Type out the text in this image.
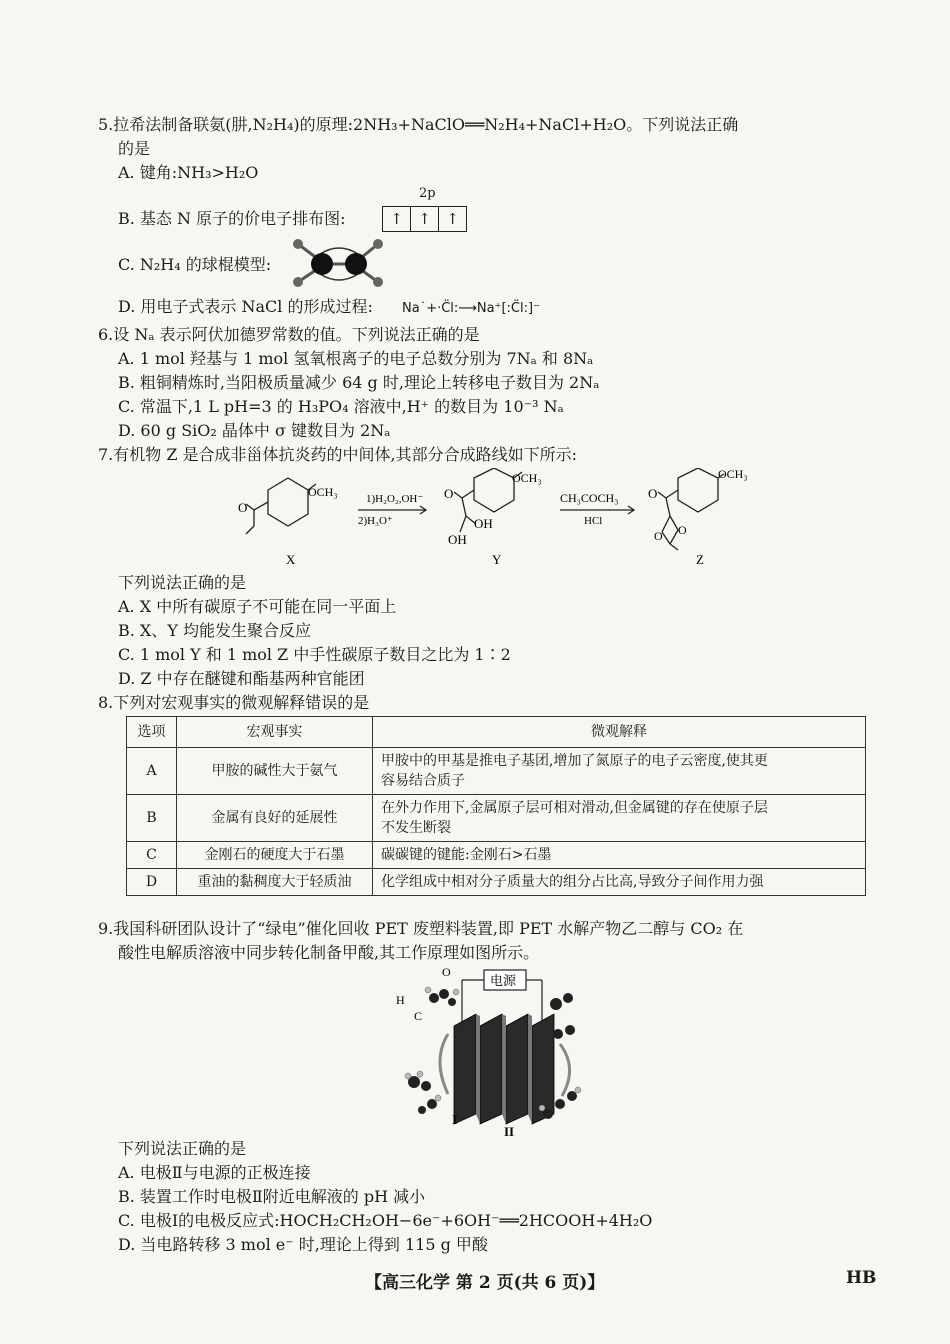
5.拉希法制备联氨(肼,N₂H₄)的原理:2NH₃+NaClO══N₂H₄+NaCl+H₂O。下列说法正确
的是
A. 键角:NH₃>H₂O
2p
B. 基态 N 原子的价电子排布图:	↑	↑	↑
C. N₂H₄ 的球棍模型:
D. 用电子式表示 NaCl 的形成过程: Na˙+·C̈l:⟶Na⁺[:C̈l:]⁻
6.设 Nₐ 表示阿伏加德罗常数的值。下列说法正确的是
A. 1 mol 羟基与 1 mol 氢氧根离子的电子总数分别为 7Nₐ 和 8Nₐ
B. 粗铜精炼时,当阳极质量减少 64 g 时,理论上转移电子数目为 2Nₐ
C. 常温下,1 L pH=3 的 H₃PO₄ 溶液中,H⁺ 的数目为 10⁻³ Nₐ
D. 60 g SiO₂ 晶体中 σ 键数目为 2Nₐ
7.有机物 Z 是合成非甾体抗炎药的中间体,其部分合成路线如下所示:
OCH₃
O
1)H₂O₂,OH⁻
2)H₃O⁺
OCH₃
O
OH
OH
CH₃COCH₃
HCl
OCH₃
O
O
O
X	Y	Z
下列说法正确的是
A. X 中所有碳原子不可能在同一平面上
B. X、Y 均能发生聚合反应
C. 1 mol Y 和 1 mol Z 中手性碳原子数目之比为 1∶2
D. Z 中存在醚键和酯基两种官能团
8.下列对宏观事实的微观解释错误的是
选项	宏观事实	微观解释
A	甲胺的碱性大于氨气	甲胺中的甲基是推电子基团,增加了氮原子的电子云密度,使其更
容易结合质子

B	金属有良好的延展性	在外力作用下,金属原子层可相对滑动,但金属键的存在使原子层
不发生断裂

C	金刚石的硬度大于石墨	碳碳键的键能:金刚石>石墨
D	重油的黏稠度大于轻质油	化学组成中相对分子质量大的组分占比高,导致分子间作用力强
9.我国科研团队设计了“绿电”催化回收 PET 废塑料装置,即 PET 水解产物乙二醇与 CO₂ 在
酸性电解质溶液中同步转化制备甲酸,其工作原理如图所示。
电源
H
C
O
I
II
下列说法正确的是
A. 电极Ⅱ与电源的正极连接
B. 装置工作时电极Ⅱ附近电解液的 pH 减小
C. 电极Ⅰ的电极反应式:HOCH₂CH₂OH−6e⁻+6OH⁻══2HCOOH+4H₂O
D. 当电路转移 3 mol e⁻ 时,理论上得到 115 g 甲酸
【高三化学 第 2 页(共 6 页)】	HB
